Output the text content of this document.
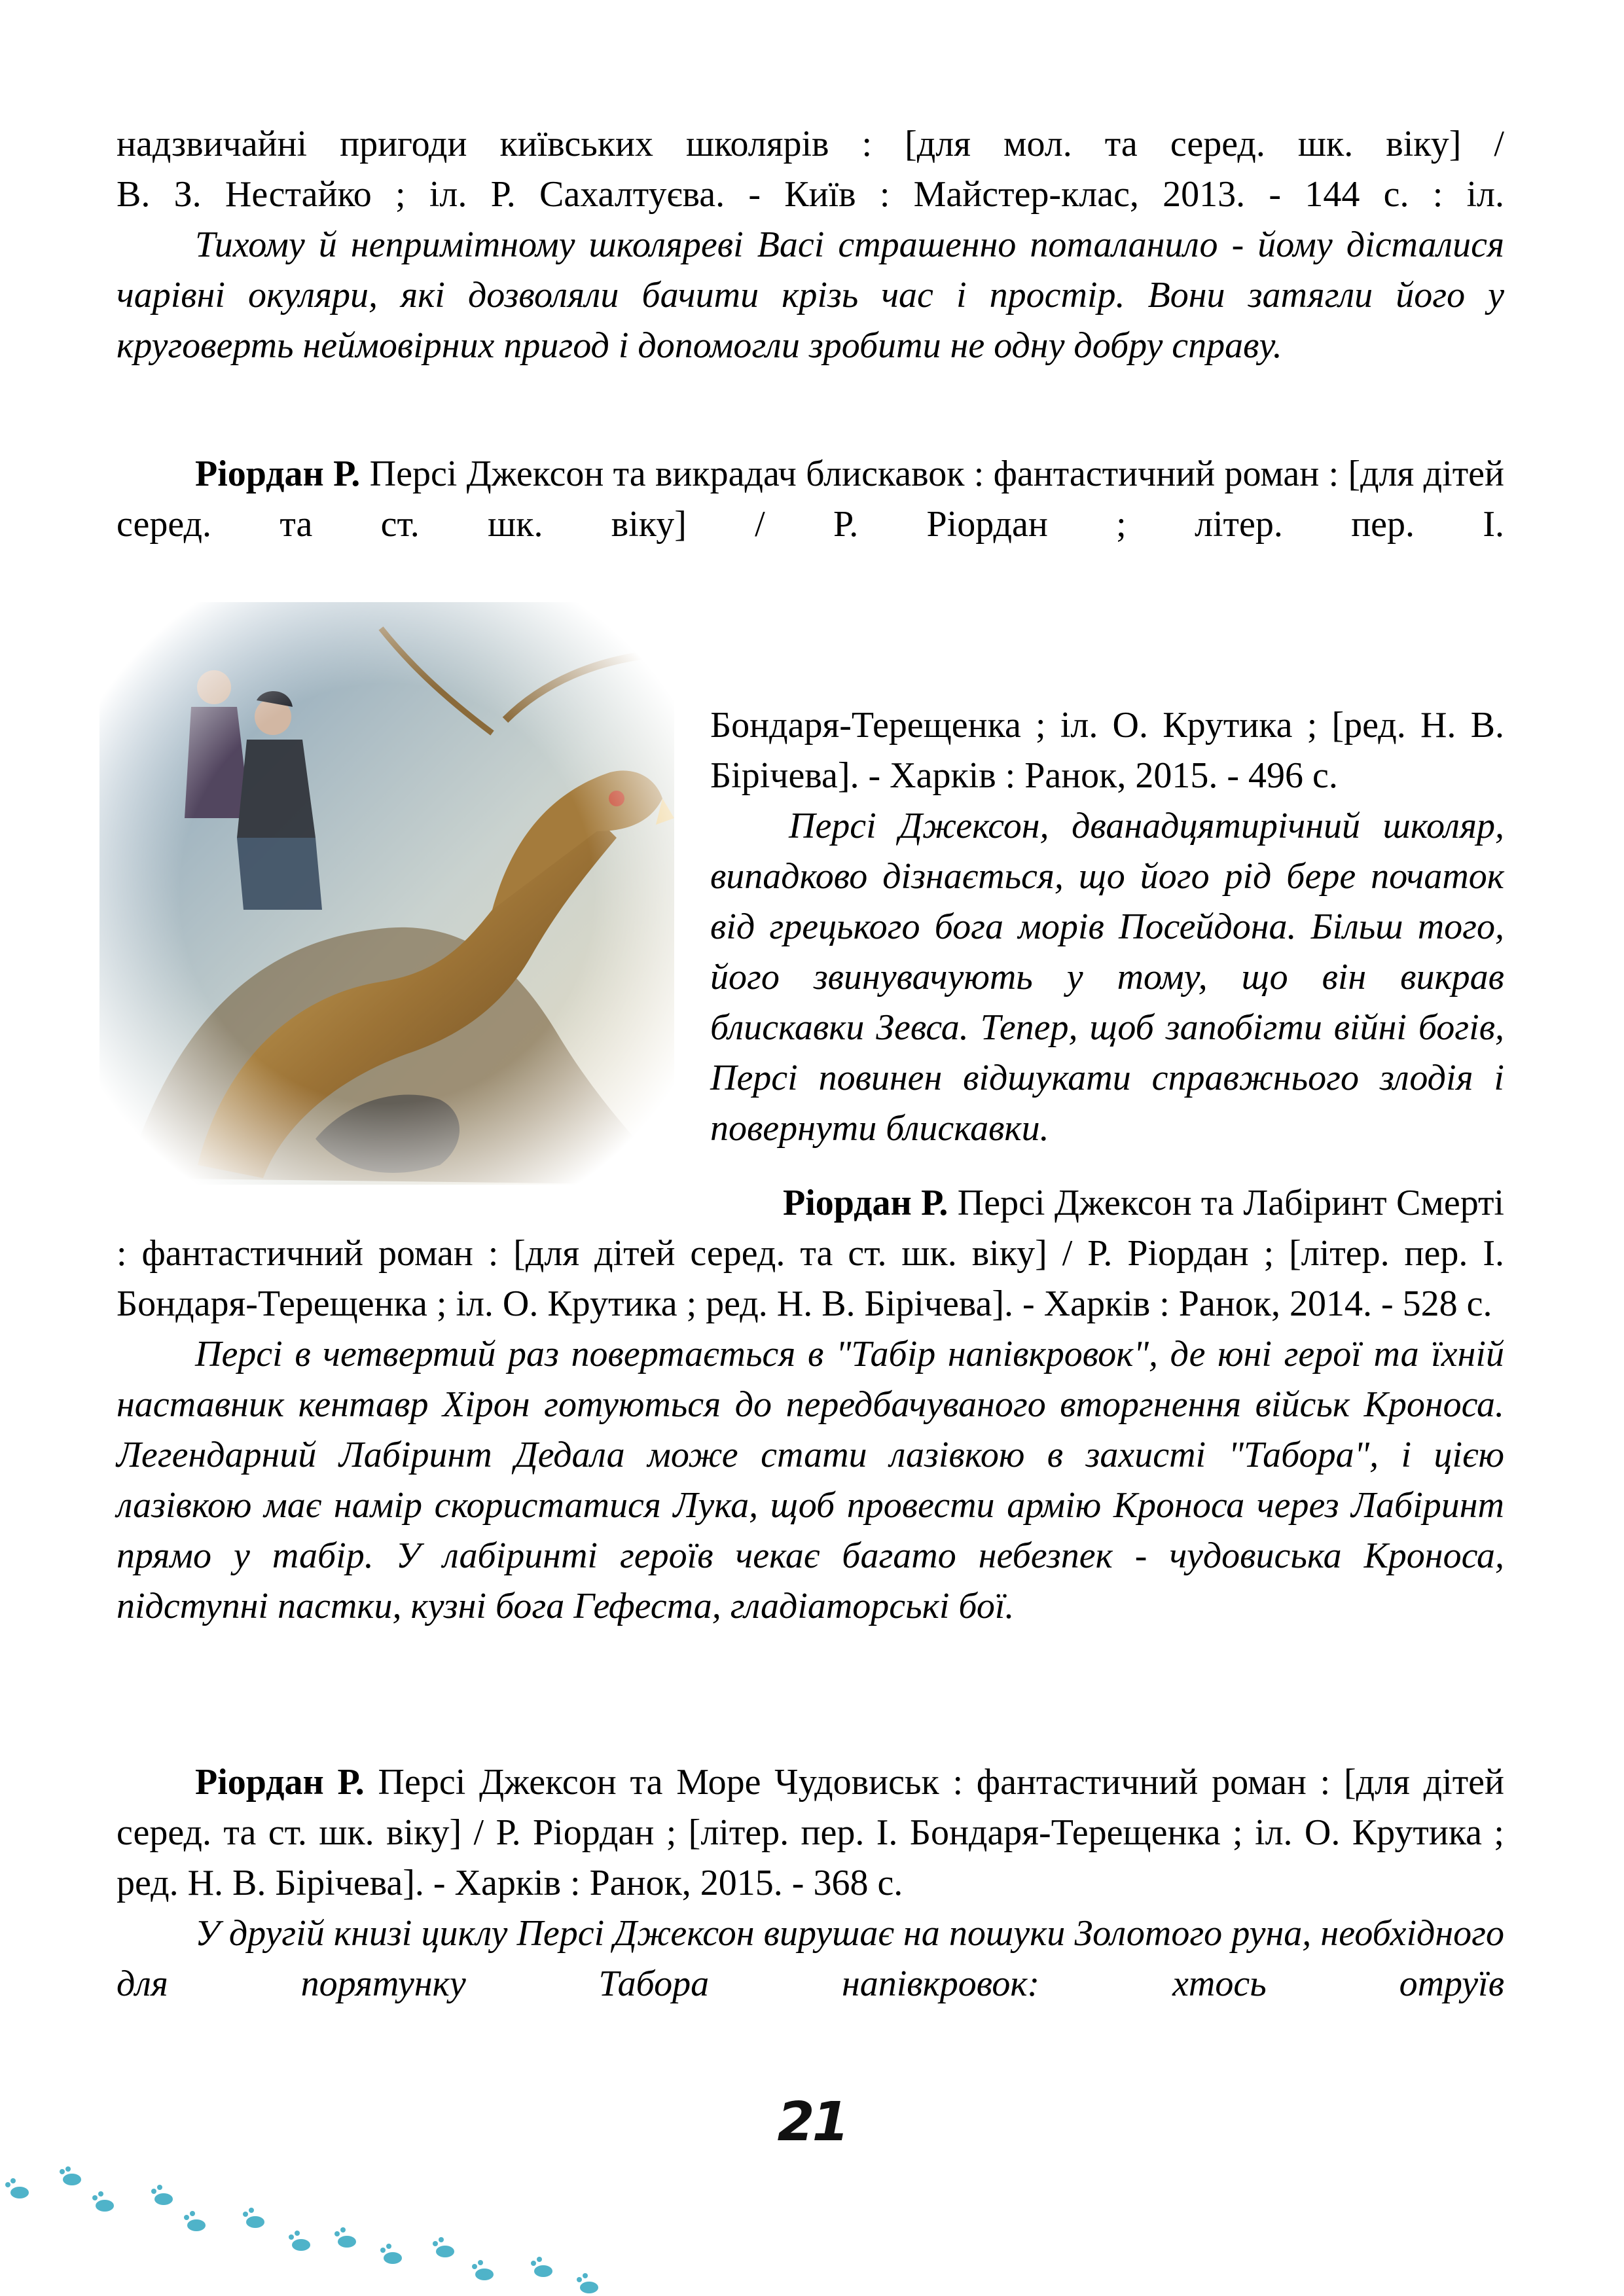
надзвичайні пригоди київських школярів : [для мол. та серед. шк. віку] /

В. З. Нестайко ; іл. Р. Сахалтуєва. - Київ : Майстер-клас, 2013. - 144 с. : іл.

Тихому й непримітному школяреві Васі страшенно поталанило - йому дісталися чарівні окуляри, які дозволяли бачити крізь час і простір. Вони затягли його у круговерть неймовірних пригод і допомогли зробити не одну добру справу.

Ріордан Р. Персі Джексон та викрадач блискавок : фантастичний роман : [для дітей серед. та ст. шк. віку] / Р. Ріордан ; літер. пер. І.

Бондаря-Терещенка ; іл. О. Крутика ; [ред. Н. В. Бірічева]. - Харків : Ранок, 2015. - 496 с.

Персі Джексон, дванадцятирічний школяр, випадково дізнається, що його рід бере початок від грецького бога морів Посейдона. Більш того, його звинувачують у тому, що він викрав блискавки Зевса. Тепер, щоб запобігти війні богів, Персі повинен відшукати справжнього злодія і повернути блискавки.

Ріордан Р. Персі Джексон та Лабіринт Смерті : фантастичний роман : [для дітей серед. та ст. шк. віку] / Р. Ріордан ; [літер. пер. І. Бондаря-Терещенка ; іл. О. Крутика ; ред. Н. В. Бірічева]. - Харків : Ранок, 2014. - 528 с.

Персі в четвертий раз повертається в "Табір напівкровок", де юні герої та їхній наставник кентавр Хірон готуються до передбачуваного вторгнення військ Кроноса. Легендарний Лабіринт Дедала може стати лазівкою в захисті "Табора", і цією лазівкою має намір скористатися Лука, щоб провести армію Кроноса через Лабіринт прямо у табір. У лабіринті героїв чекає багато небезпек - чудовиська Кроноса, підступні пастки, кузні бога Гефеста, гладіаторські бої.

Ріордан Р. Персі Джексон та Море Чудовиськ : фантастичний роман : [для дітей серед. та ст. шк. віку] / Р. Ріордан ; [літер. пер. І. Бондаря-Терещенка ; іл. О. Крутика ; ред. Н. В. Бірічева]. - Харків : Ранок, 2015. - 368 с.

У другій книзі циклу Персі Джексон вирушає на пошуки Золотого руна, необхідного для порятунку Табора напівкровок: хтось отруїв

21
